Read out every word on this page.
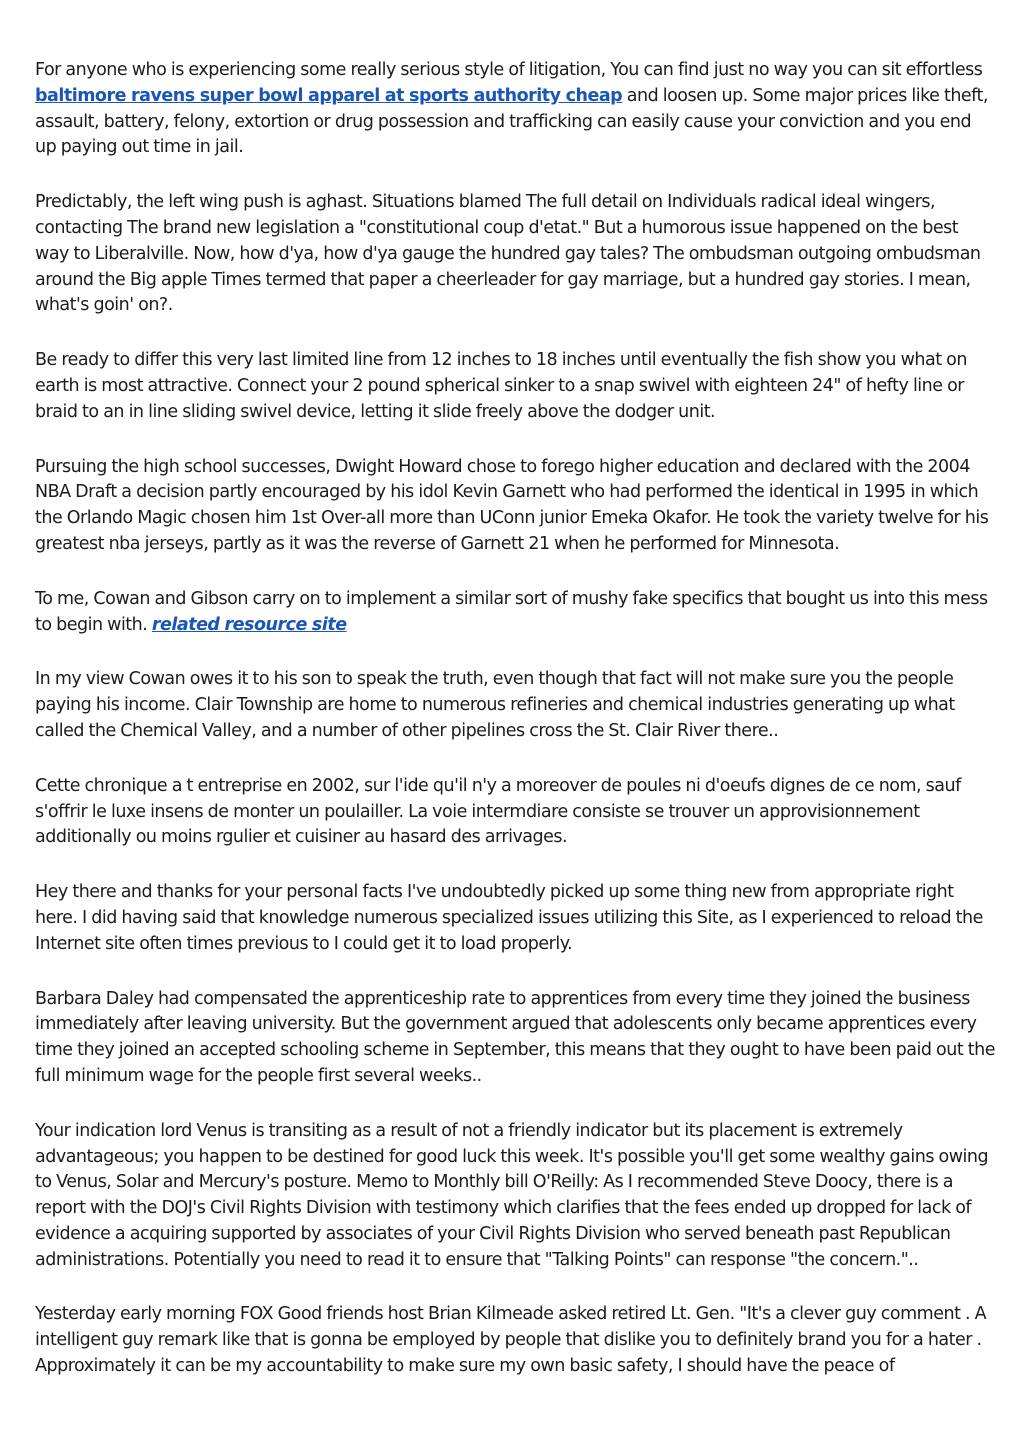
For anyone who is experiencing some really serious style of litigation, You can find just no way you can sit effortless baltimore ravens super bowl apparel at sports authority cheap and loosen up. Some major prices like theft, assault, battery, felony, extortion or drug possession and trafficking can easily cause your conviction and you end up paying out time in jail.

Predictably, the left wing push is aghast. Situations blamed The full detail on Individuals radical ideal wingers, contacting The brand new legislation a "constitutional coup d'etat." But a humorous issue happened on the best way to Liberalville. Now, how d'ya, how d'ya gauge the hundred gay tales? The ombudsman outgoing ombudsman around the Big apple Times termed that paper a cheerleader for gay marriage, but a hundred gay stories. I mean, what's goin' on?.

Be ready to differ this very last limited line from 12 inches to 18 inches until eventually the fish show you what on earth is most attractive. Connect your 2 pound spherical sinker to a snap swivel with eighteen 24" of hefty line or braid to an in line sliding swivel device, letting it slide freely above the dodger unit.

Pursuing the high school successes, Dwight Howard chose to forego higher education and declared with the 2004 NBA Draft a decision partly encouraged by his idol Kevin Garnett who had performed the identical in 1995 in which the Orlando Magic chosen him 1st Over-all more than UConn junior Emeka Okafor. He took the variety twelve for his greatest nba jerseys, partly as it was the reverse of Garnett 21 when he performed for Minnesota.

To me, Cowan and Gibson carry on to implement a similar sort of mushy fake specifics that bought us into this mess to begin with. related resource site

In my view Cowan owes it to his son to speak the truth, even though that fact will not make sure you the people paying his income. Clair Township are home to numerous refineries and chemical industries generating up what called the Chemical Valley, and a number of other pipelines cross the St. Clair River there..

Cette chronique a t entreprise en 2002, sur l'ide qu'il n'y a moreover de poules ni d'oeufs dignes de ce nom, sauf s'offrir le luxe insens de monter un poulailler. La voie intermdiare consiste se trouver un approvisionnement additionally ou moins rgulier et cuisiner au hasard des arrivages.

Hey there and thanks for your personal facts I've undoubtedly picked up some thing new from appropriate right here. I did having said that knowledge numerous specialized issues utilizing this Site, as I experienced to reload the Internet site often times previous to I could get it to load properly.

Barbara Daley had compensated the apprenticeship rate to apprentices from every time they joined the business immediately after leaving university. But the government argued that adolescents only became apprentices every time they joined an accepted schooling scheme in September, this means that they ought to have been paid out the full minimum wage for the people first several weeks..

Your indication lord Venus is transiting as a result of not a friendly indicator but its placement is extremely advantageous; you happen to be destined for good luck this week. It's possible you'll get some wealthy gains owing to Venus, Solar and Mercury's posture. Memo to Monthly bill O'Reilly: As I recommended Steve Doocy, there is a report with the DOJ's Civil Rights Division with testimony which clarifies that the fees ended up dropped for lack of evidence a acquiring supported by associates of your Civil Rights Division who served beneath past Republican administrations. Potentially you need to read it to ensure that "Talking Points" can response "the concern."..

Yesterday early morning FOX Good friends host Brian Kilmeade asked retired Lt. Gen. "It's a clever guy comment . A intelligent guy remark like that is gonna be employed by people that dislike you to definitely brand you for a hater . Approximately it can be my accountability to make sure my own basic safety, I should have the peace of
